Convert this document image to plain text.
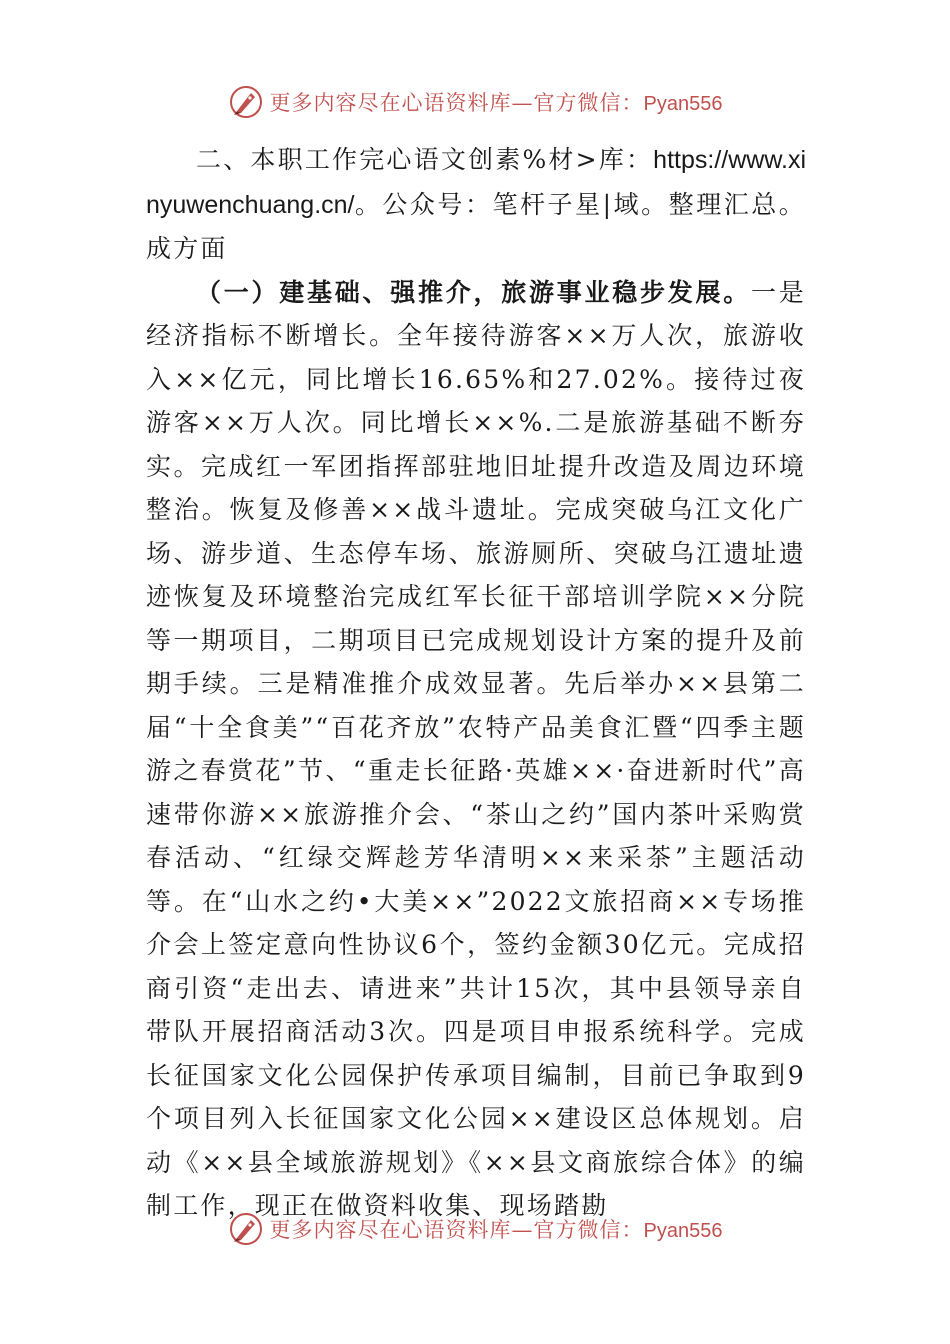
更多内容尽在心语资料库—官方微信：Pyan556

二、本职工作完心语文创素%材>库：https://www.xinyuwenchuang.cn/。公众号：笔杆子星|域。整理汇总。成方面

（一）建基础、强推介，旅游事业稳步发展。一是经济指标不断增长。全年接待游客××万人次，旅游收入××亿元，同比增长16.65%和27.02%。接待过夜游客××万人次。同比增长××%.二是旅游基础不断夯实。完成红一军团指挥部驻地旧址提升改造及周边环境整治。恢复及修善××战斗遗址。完成突破乌江文化广场、游步道、生态停车场、旅游厕所、突破乌江遗址遗迹恢复及环境整治完成红军长征干部培训学院××分院等一期项目，二期项目已完成规划设计方案的提升及前期手续。三是精准推介成效显著。先后举办××县第二届“十全食美”“百花齐放”农特产品美食汇暨“四季主题游之春赏花”节、“重走长征路·英雄××·奋进新时代”高速带你游××旅游推介会、“茶山之约”国内茶叶采购赏春活动、“红绿交辉趁芳华清明××来采茶”主题活动等。在“山水之约•大美××”2022文旅招商××专场推介会上签定意向性协议6个，签约金额30亿元。完成招商引资“走出去、请进来”共计15次，其中县领导亲自带队开展招商活动3次。四是项目申报系统科学。完成长征国家文化公园保护传承项目编制，目前已争取到9个项目列入长征国家文化公园××建设区总体规划。启动《××县全域旅游规划》《××县文商旅综合体》的编制工作，现正在做资料收集、现场踏勘

更多内容尽在心语资料库—官方微信：Pyan556
